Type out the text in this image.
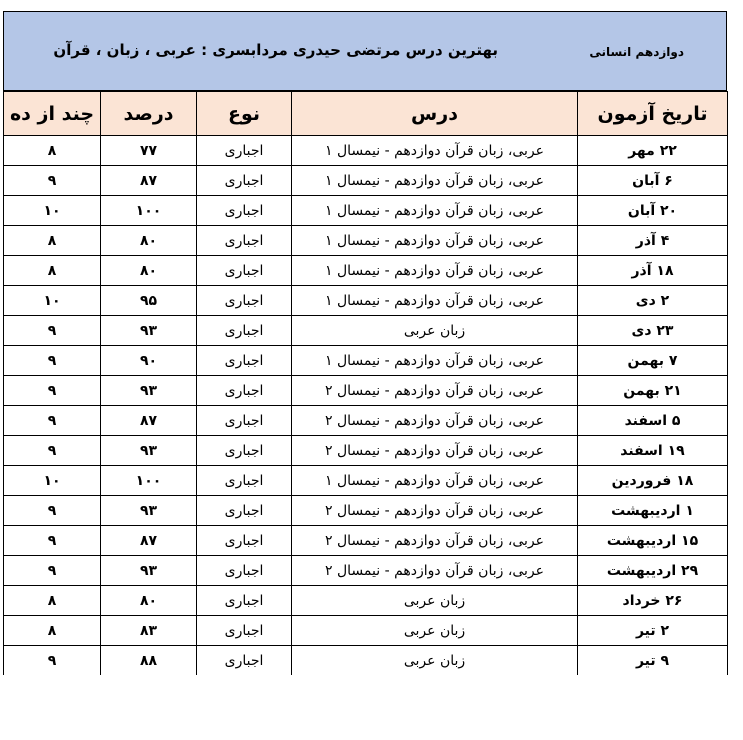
دوازدهم انسانی
بهترین درس مرتضی حیدری مردابسری : عربی ، زبان ، قرآن
تاریخ آزمون	درس	نوع	درصد	چند از ده
۲۲ مهر	عربی، زبان قرآن دوازدهم - نیمسال ۱	اجباری	۷۷	۸
۶ آبان	عربی، زبان قرآن دوازدهم - نیمسال ۱	اجباری	۸۷	۹
۲۰ آبان	عربی، زبان قرآن دوازدهم - نیمسال ۱	اجباری	۱۰۰	۱۰
۴ آذر	عربی، زبان قرآن دوازدهم - نیمسال ۱	اجباری	۸۰	۸
۱۸ آذر	عربی، زبان قرآن دوازدهم - نیمسال ۱	اجباری	۸۰	۸
۲ دی	عربی، زبان قرآن دوازدهم - نیمسال ۱	اجباری	۹۵	۱۰
۲۳ دی	زبان عربی	اجباری	۹۳	۹
۷ بهمن	عربی، زبان قرآن دوازدهم - نیمسال ۱	اجباری	۹۰	۹
۲۱ بهمن	عربی، زبان قرآن دوازدهم - نیمسال ۲	اجباری	۹۳	۹
۵ اسفند	عربی، زبان قرآن دوازدهم - نیمسال ۲	اجباری	۸۷	۹
۱۹ اسفند	عربی، زبان قرآن دوازدهم - نیمسال ۲	اجباری	۹۳	۹
۱۸ فروردین	عربی، زبان قرآن دوازدهم - نیمسال ۱	اجباری	۱۰۰	۱۰
۱ اردیبهشت	عربی، زبان قرآن دوازدهم - نیمسال ۲	اجباری	۹۳	۹
۱۵ اردیبهشت	عربی، زبان قرآن دوازدهم - نیمسال ۲	اجباری	۸۷	۹
۲۹ اردیبهشت	عربی، زبان قرآن دوازدهم - نیمسال ۲	اجباری	۹۳	۹
۲۶ خرداد	زبان عربی	اجباری	۸۰	۸
۲ تیر	زبان عربی	اجباری	۸۳	۸
۹ تیر	زبان عربی	اجباری	۸۸	۹
